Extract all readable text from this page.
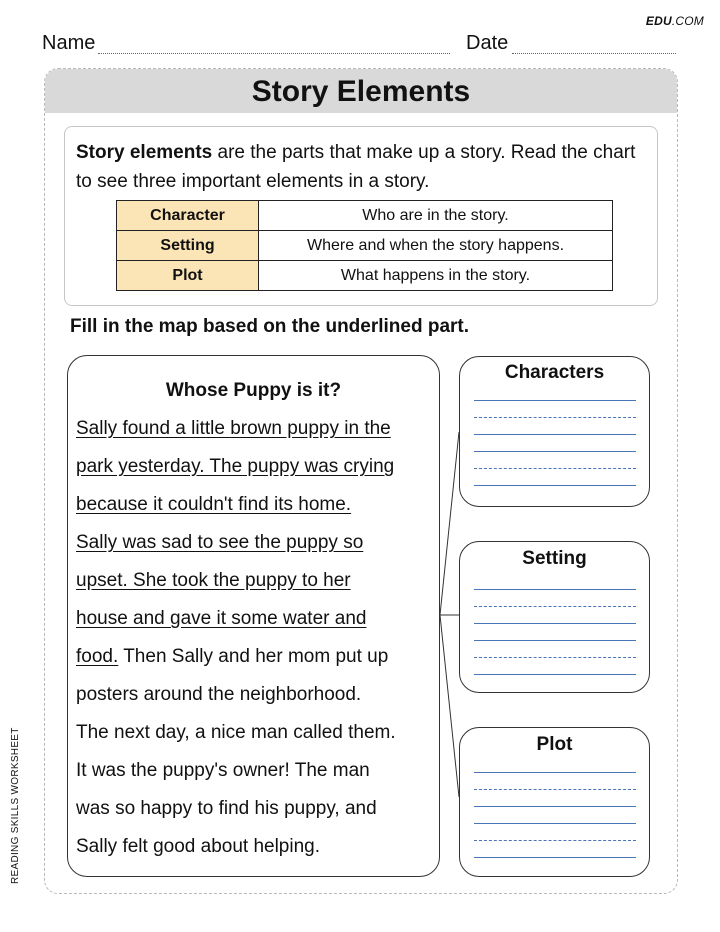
EDU.COM
Name	Date
READING SKILLS WORKSHEET
Story Elements
Story elements are the parts that make up a story. Read the chart to see three important elements in a story.
Character	Who are in the story.
Setting	Where and when the story happens.
Plot	What happens in the story.
Fill in the map based on the underlined part.
Whose Puppy is it?
Sally found a little brown puppy in the
park yesterday. The puppy was crying
because it couldn't find its home.
Sally was sad to see the puppy so
upset. She took the puppy to her
house and gave it some water and
food. Then Sally and her mom put up
posters around the neighborhood.
The next day, a nice man called them.
It was the puppy's owner! The man
was so happy to find his puppy, and
Sally felt good about helping.
Characters
Setting
Plot
